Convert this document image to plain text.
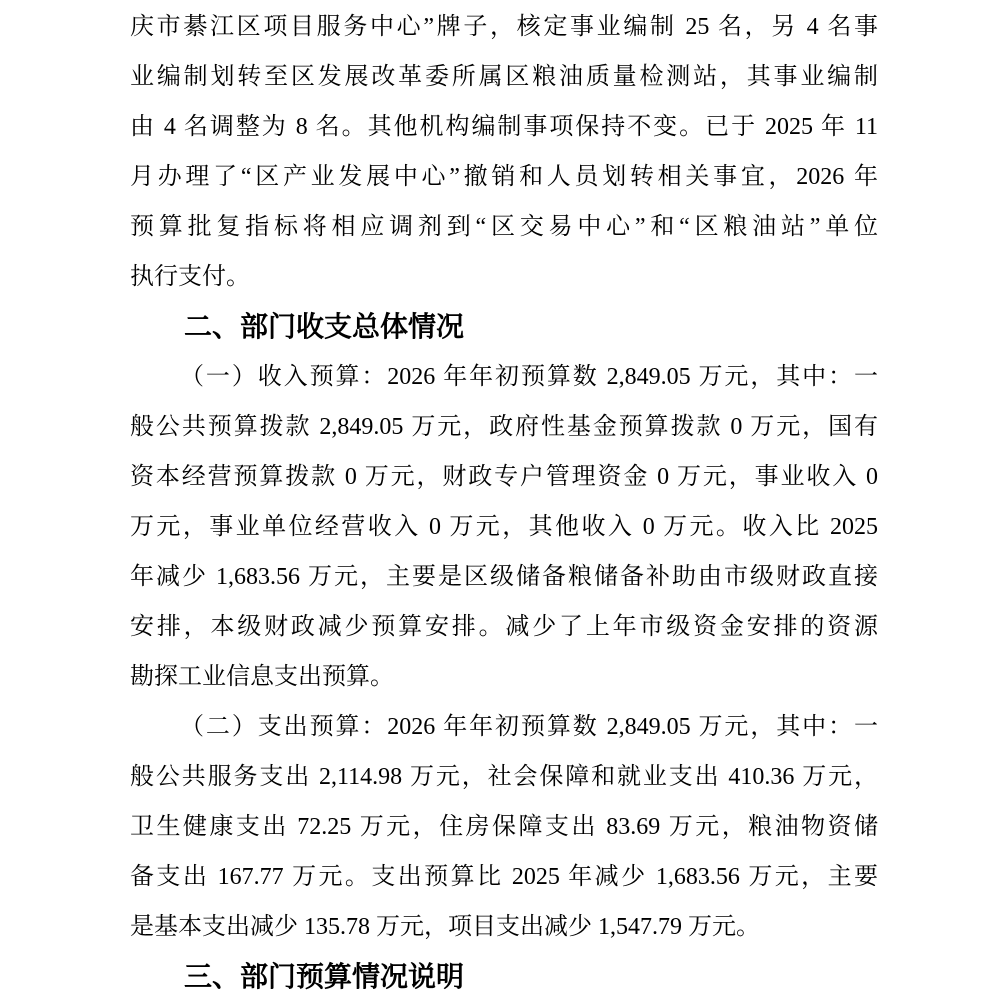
庆市綦江区项目服务中心”牌子，核定事业编制 25 名，另 4 名事
业编制划转至区发展改革委所属区粮油质量检测站，其事业编制
由 4 名调整为 8 名。其他机构编制事项保持不变。已于 2025 年 11
月办理了“区产业发展中心”撤销和人员划转相关事宜，2026 年
预算批复指标将相应调剂到“区交易中心”和“区粮油站”单位
执行支付。
二、部门收支总体情况
（一）收入预算：2026 年年初预算数 2,849.05 万元，其中：一
般公共预算拨款 2,849.05 万元，政府性基金预算拨款 0 万元，国有
资本经营预算拨款 0 万元，财政专户管理资金 0 万元，事业收入 0
万元，事业单位经营收入 0 万元，其他收入 0 万元。收入比 2025
年减少 1,683.56 万元，主要是区级储备粮储备补助由市级财政直接
安排，本级财政减少预算安排。减少了上年市级资金安排的资源
勘探工业信息支出预算。
（二）支出预算：2026 年年初预算数 2,849.05 万元，其中：一
般公共服务支出 2,114.98 万元，社会保障和就业支出 410.36 万元，
卫生健康支出 72.25 万元，住房保障支出 83.69 万元，粮油物资储
备支出 167.77 万元。支出预算比 2025 年减少 1,683.56 万元，主要
是基本支出减少 135.78 万元，项目支出减少 1,547.79 万元。
三、部门预算情况说明
